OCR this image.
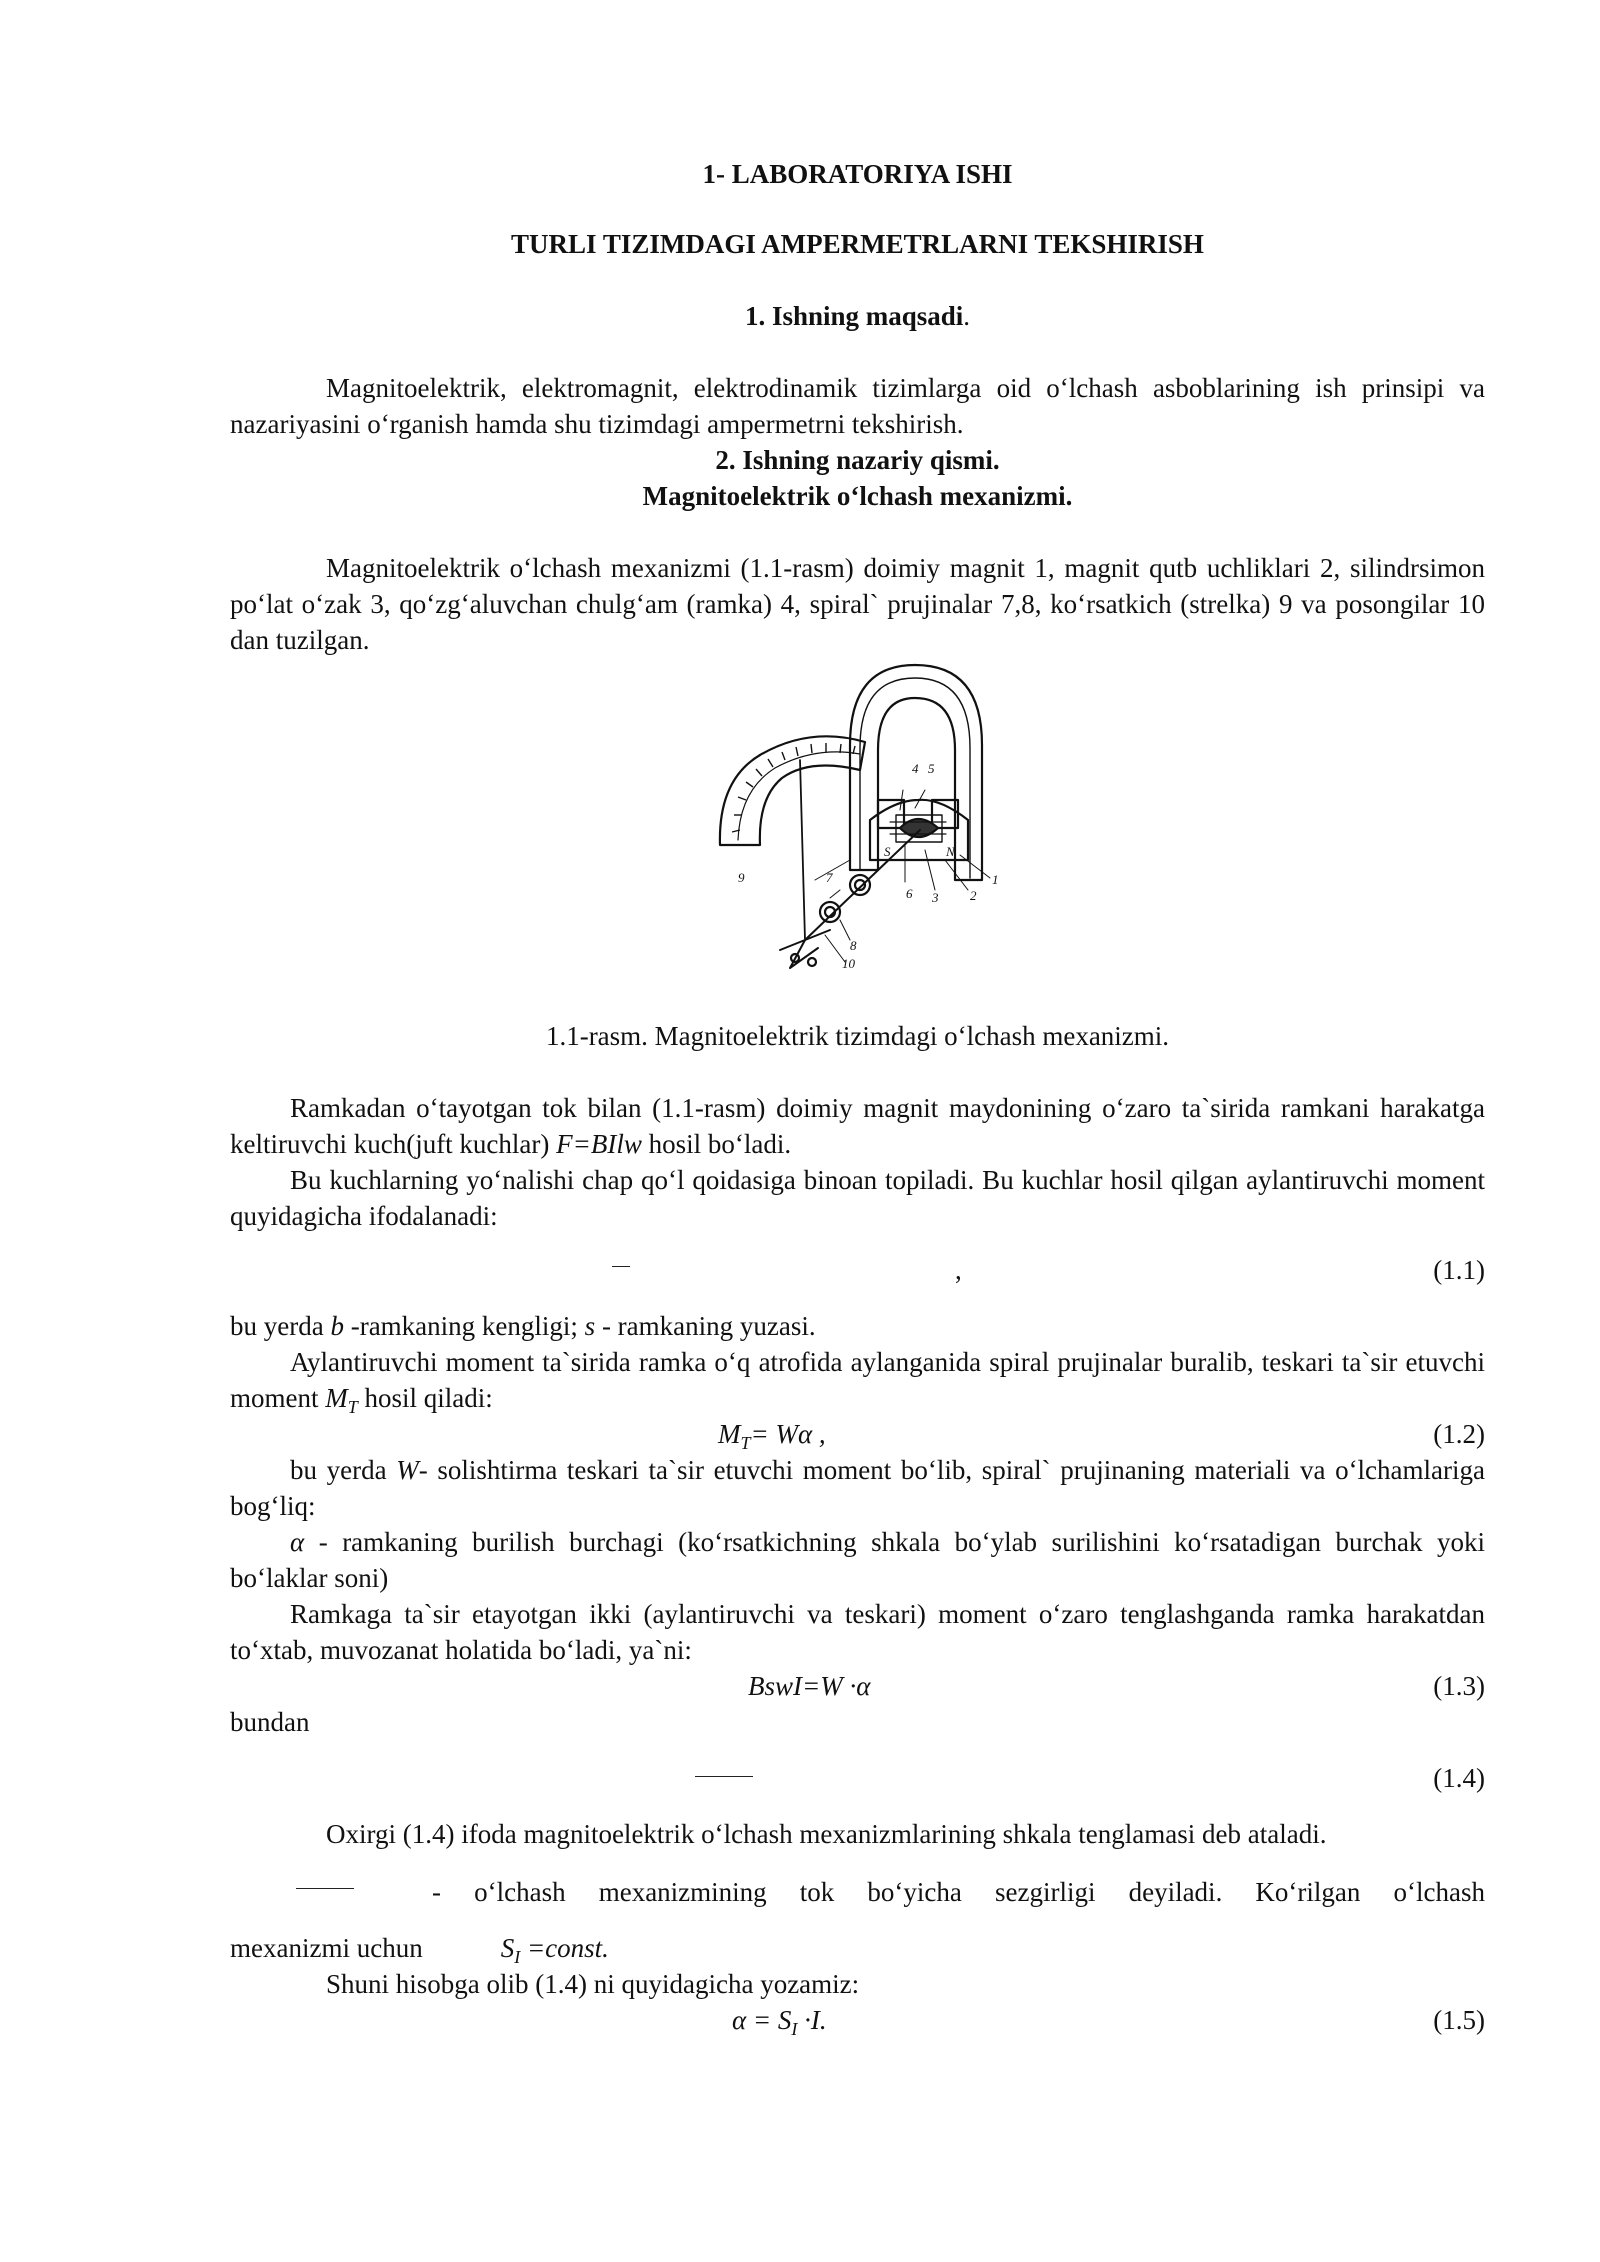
1- LABORATORIYA ISHI

TURLI TIZIMDAGI AMPERMETRLARNI TEKSHIRISH

1. Ishning maqsadi.

Magnitoelektrik, elektromagnit, elektrodinamik tizimlarga oid o‘lchash asboblarining ish prinsipi va nazariyasini o‘rganish hamda shu tizimdagi ampermetrni tekshirish.

2. Ishning nazariy qismi.

Magnitoelektrik o‘lchash mexanizmi.

Magnitoelektrik o‘lchash mexanizmi (1.1-rasm) doimiy magnit 1, magnit qutb uchliklari 2, silindrsimon po‘lat o‘zak 3, qo‘zg‘aluvchan chulg‘am (ramka) 4, spiral` prujinalar 7,8, ko‘rsatkich (strelka) 9 va posongilar 10 dan tuzilgan.

1
2
3
4 5
6
7
8
9
10
S	N

1.1-rasm. Magnitoelektrik tizimdagi o‘lchash mexanizmi.

Ramkadan o‘tayotgan tok bilan (1.1-rasm) doimiy magnit maydonining o‘zaro ta`sirida ramkani harakatga keltiruvchi kuch(juft kuchlar) F=BIlw hosil bo‘ladi.

Bu kuchlarning yo‘nalishi chap qo‘l qoidasiga binoan topiladi. Bu kuchlar hosil qilgan aylantiruvchi moment quyidagicha ifodalanadi:

,	(1.1)

bu yerda b -ramkaning kengligi; s - ramkaning yuzasi.

Aylantiruvchi moment ta`sirida ramka o‘q atrofida aylanganida spiral prujinalar buralib, teskari ta`sir etuvchi moment $M_T$ hosil qiladi:

$M_T= W\alpha$ ,	(1.2)

bu yerda W- solishtirma teskari ta`sir etuvchi moment bo‘lib, spiral` prujinaning materiali va o‘lchamlariga bog‘liq:

α - ramkaning burilish burchagi (ko‘rsatkichning shkala bo‘ylab surilishini ko‘rsatadigan burchak yoki bo‘laklar soni)

Ramkaga ta`sir etayotgan ikki (aylantiruvchi va teskari) moment o‘zaro tenglashganda ramka harakatdan to‘xtab, muvozanat holatida bo‘ladi, ya`ni:

BswI=W ·α	(1.3)

bundan

(1.4)

Oxirgi (1.4) ifoda magnitoelektrik o‘lchash mexanizmlarining shkala tenglamasi deb ataladi.

- o‘lchash mexanizmining tok bo‘yicha sezgirligi deyiladi. Ko‘rilgan o‘lchash

mexanizmi uchun	$S_I$ =const.

Shuni hisobga olib (1.4) ni quyidagicha yozamiz:

$\alpha = S_I \cdot I$.	(1.5)
